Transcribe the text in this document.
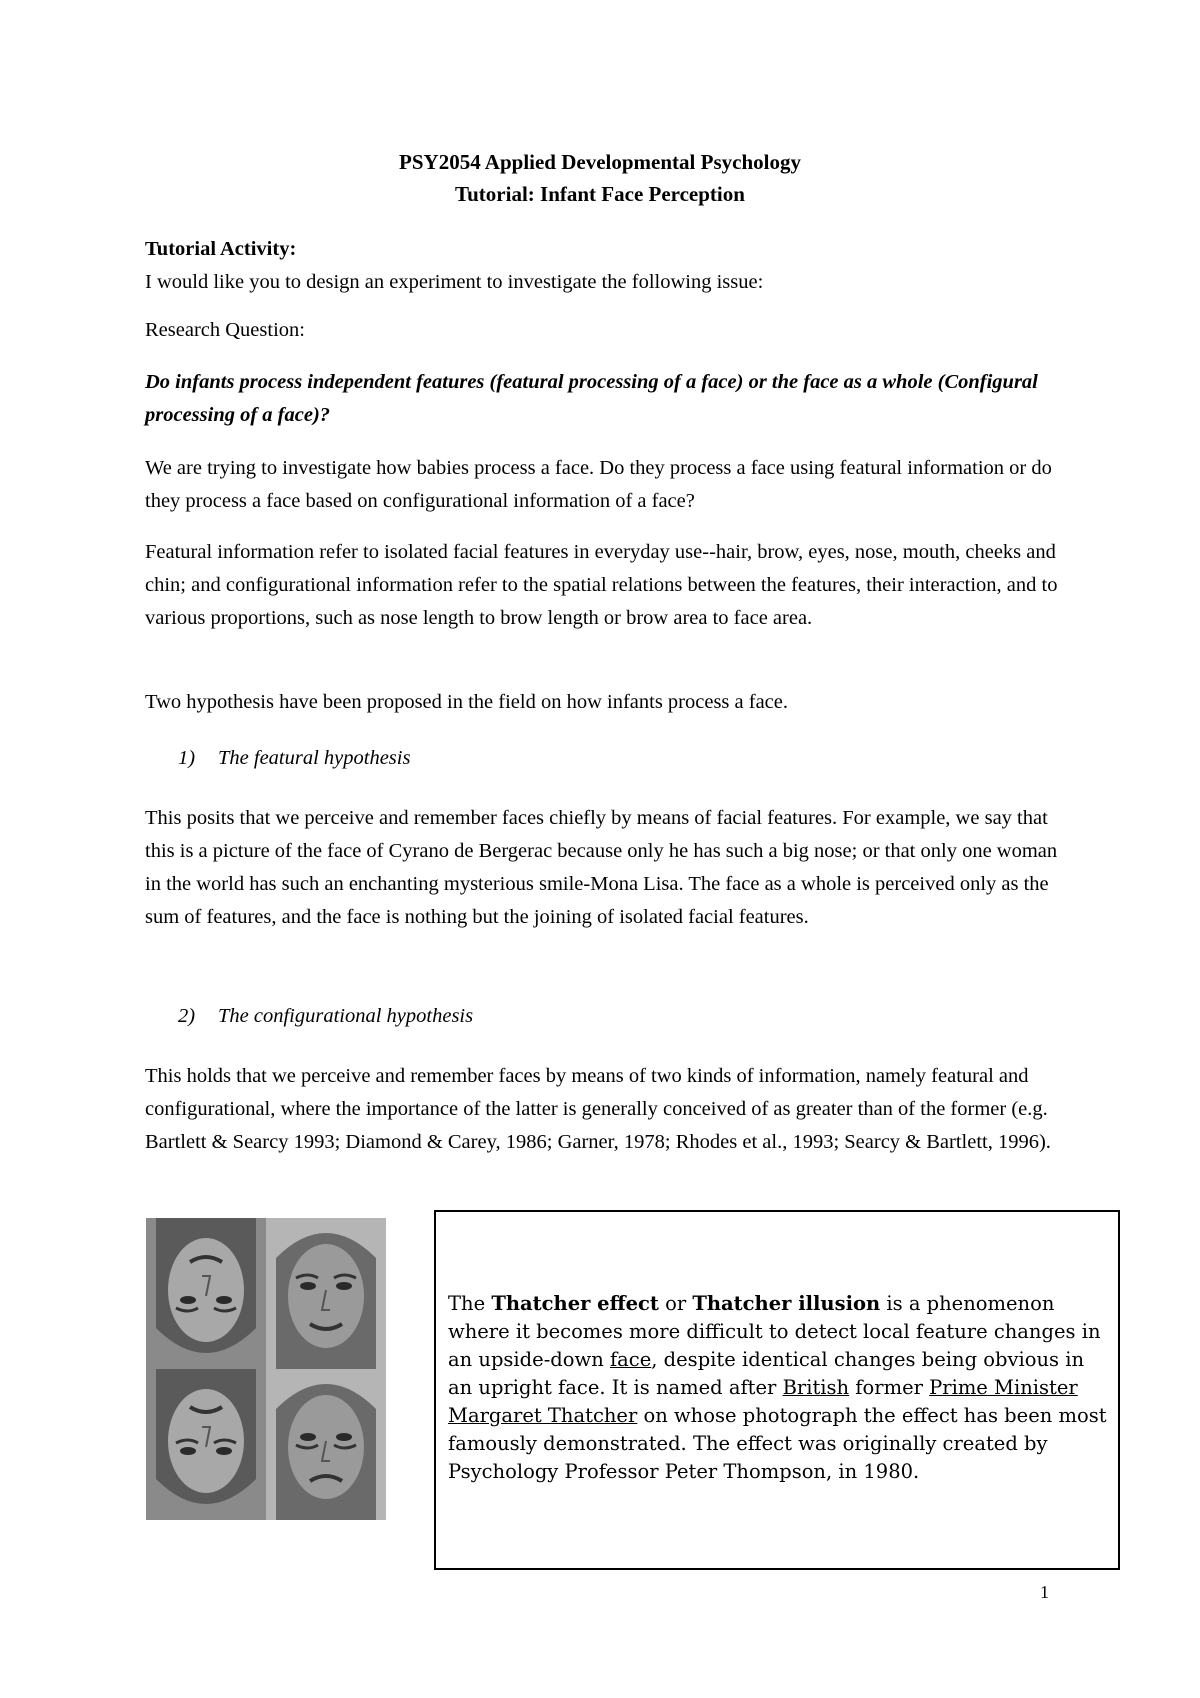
PSY2054 Applied Developmental Psychology
Tutorial: Infant Face Perception
Tutorial Activity:
I would like you to design an experiment to investigate the following issue:

Research Question:

Do infants process independent features (featural processing of a face) or the face as a whole (Configural processing of a face)?

We are trying to investigate how babies process a face. Do they process a face using featural information or do they process a face based on configurational information of a face?

Featural information refer to isolated facial features in everyday use--hair, brow, eyes, nose, mouth, cheeks and chin; and configurational information refer to the spatial relations between the features, their interaction, and to various proportions, such as nose length to brow length or brow area to face area.

Two hypothesis have been proposed in the field on how infants process a face.

1) The featural hypothesis

This posits that we perceive and remember faces chiefly by means of facial features. For example, we say that this is a picture of the face of Cyrano de Bergerac because only he has such a big nose; or that only one woman in the world has such an enchanting mysterious smile-Mona Lisa. The face as a whole is perceived only as the sum of features, and the face is nothing but the joining of isolated facial features.

2) The configurational hypothesis

This holds that we perceive and remember faces by means of two kinds of information, namely featural and configurational, where the importance of the latter is generally conceived of as greater than of the former (e.g. Bartlett & Searcy 1993; Diamond & Carey, 1986; Garner, 1978; Rhodes et al., 1993; Searcy & Bartlett, 1996).

The Thatcher effect or Thatcher illusion is a phenomenon where it becomes more difficult to detect local feature changes in an upside-down face, despite identical changes being obvious in an upright face. It is named after British former Prime Minister Margaret Thatcher on whose photograph the effect has been most famously demonstrated. The effect was originally created by Psychology Professor Peter Thompson, in 1980.
1
